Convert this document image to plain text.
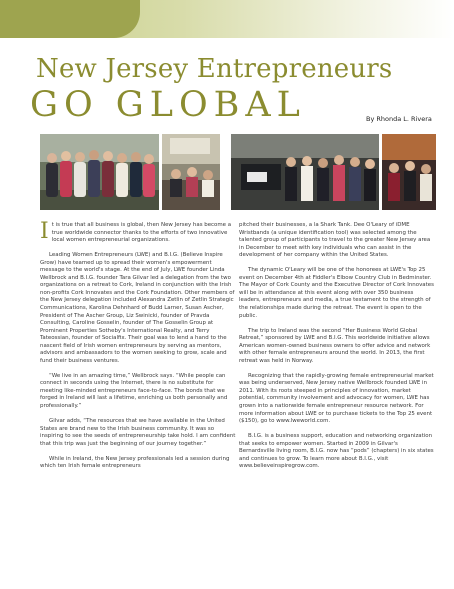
New Jersey Entrepreneurs
GO GLOBAL	By Rhonda L. Rivera

It is true that all business is global, then New Jersey has become a true worldwide connector thanks to the efforts of two innovative local women entrepreneurial organizations.

Leading Women Entrepreneurs (LWE) and B.I.G. (Believe Inspire Grow) have teamed up to spread their women's empowerment message to the world's stage. At the end of July, LWE founder Linda Wellbrock and B.I.G. founder Tara Gilvar led a delegation from the two organizations on a retreat to Cork, Ireland in conjunction with the Irish non-profits Cork Innovates and the Cork Foundation. Other members of the New Jersey delegation included Alexandra Zetlin of Zetlin Strategic Communications, Karolina Dehnhard of Budd Larner, Susan Ascher, President of The Ascher Group, Liz Swinicki, founder of Pravda Consulting, Caroline Gosselin, founder of The Gosselin Group at Prominent Properties Sotheby's International Realty, and Terry Tateossian, founder of Socialfix. Their goal was to lend a hand to the nascent field of Irish women entrepreneurs by serving as mentors, advisors and ambassadors to the women seeking to grow, scale and fund their business ventures.

“We live in an amazing time,” Wellbrock says. “While people can connect in seconds using the Internet, there is no substitute for meeting like-minded entrepreneurs face-to-face. The bonds that we forged in Ireland will last a lifetime, enriching us both personally and professionally.”

Gilvar adds, “The resources that we have available in the United States are brand new to the Irish business community. It was so inspiring to see the seeds of entrepreneurship take hold. I am confident that this trip was just the beginning of our journey together.”

While in Ireland, the New Jersey professionals led a session during which ten Irish female entrepreneurs

pitched their businesses, a la Shark Tank. Dee O'Leary of iDME Wristbands (a unique identification tool) was selected among the talented group of participants to travel to the greater New Jersey area in December to meet with key individuals who can assist in the development of her company within the United States.

The dynamic O'Leary will be one of the honorees at LWE's Top 25 event on December 4th at Fiddler's Elbow Country Club in Bedminster. The Mayor of Cork County and the Executive Director of Cork Innovates will be in attendance at this event along with over 350 business leaders, entrepreneurs and media, a true testament to the strength of the relationships made during the retreat. The event is open to the public.

The trip to Ireland was the second “Her Business World Global Retreat,” sponsored by LWE and B.I.G. This worldwide initiative allows American women-owned business owners to offer advice and network with other female entrepreneurs around the world. In 2013, the first retreat was held in Norway.

Recognizing that the rapidly-growing female entrepreneurial market was being underserved, New Jersey native Wellbrock founded LWE in 2011. With its roots steeped in principles of innovation, market potential, community involvement and advocacy for women, LWE has grown into a nationwide female entrepreneur resource network. For more information about LWE or to purchase tickets to the Top 25 event ($150), go to www.lweworld.com.

B.I.G. is a business support, education and networking organization that seeks to empower women. Started in 2009 in Gilvar's Bernardsville living room, B.I.G. now has “pods” (chapters) in six states and continues to grow. To learn more about B.I.G., visit www.believeinspiregrow.com.
